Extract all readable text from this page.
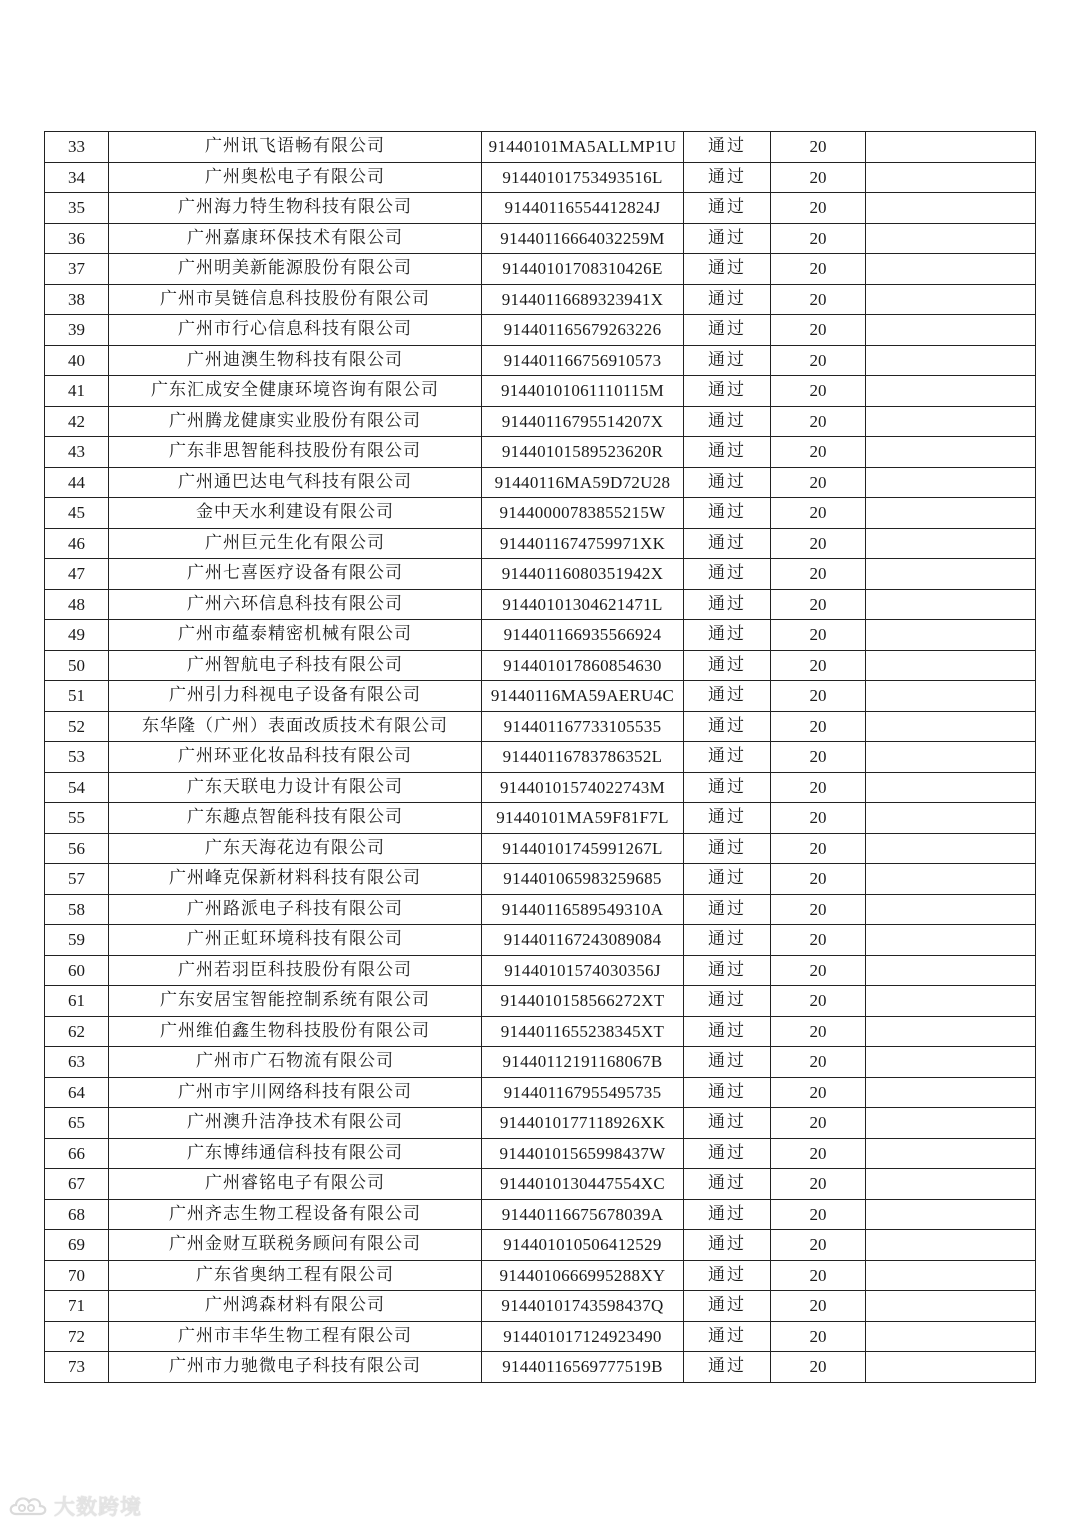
33	广州讯飞语畅有限公司	91440101MA5ALLMP1U	通过	20	
34	广州奥松电子有限公司	91440101753493516L	通过	20	
35	广州海力特生物科技有限公司	91440116554412824J	通过	20	
36	广州嘉康环保技术有限公司	91440116664032259M	通过	20	
37	广州明美新能源股份有限公司	91440101708310426E	通过	20	
38	广州市昊链信息科技股份有限公司	91440116689323941X	通过	20	
39	广州市行心信息科技有限公司	914401165679263226	通过	20	
40	广州迪澳生物科技有限公司	914401166756910573	通过	20	
41	广东汇成安全健康环境咨询有限公司	91440101061110115M	通过	20	
42	广州腾龙健康实业股份有限公司	91440116795514207X	通过	20	
43	广东非思智能科技股份有限公司	91440101589523620R	通过	20	
44	广州通巴达电气科技有限公司	91440116MA59D72U28	通过	20	
45	金中天水利建设有限公司	91440000783855215W	通过	20	
46	广州巨元生化有限公司	9144011674759971XK	通过	20	
47	广州七喜医疗设备有限公司	91440116080351942X	通过	20	
48	广州六环信息科技有限公司	91440101304621471L	通过	20	
49	广州市蕴泰精密机械有限公司	914401166935566924	通过	20	
50	广州智航电子科技有限公司	914401017860854630	通过	20	
51	广州引力科视电子设备有限公司	91440116MA59AERU4C	通过	20	
52	东华隆（广州）表面改质技术有限公司	914401167733105535	通过	20	
53	广州环亚化妆品科技有限公司	91440116783786352L	通过	20	
54	广东天联电力设计有限公司	91440101574022743M	通过	20	
55	广东趣点智能科技有限公司	91440101MA59F81F7L	通过	20	
56	广东天海花边有限公司	91440101745991267L	通过	20	
57	广州峰克保新材料科技有限公司	914401065983259685	通过	20	
58	广州路派电子科技有限公司	91440116589549310A	通过	20	
59	广州正虹环境科技有限公司	914401167243089084	通过	20	
60	广州若羽臣科技股份有限公司	91440101574030356J	通过	20	
61	广东安居宝智能控制系统有限公司	9144010158566272XT	通过	20	
62	广州维伯鑫生物科技股份有限公司	9144011655238345XT	通过	20	
63	广州市广石物流有限公司	91440112191168067B	通过	20	
64	广州市宇川网络科技有限公司	914401167955495735	通过	20	
65	广州澳升洁净技术有限公司	9144010177118926XK	通过	20	
66	广东博纬通信科技有限公司	91440101565998437W	通过	20	
67	广州睿铭电子有限公司	9144010130447554XC	通过	20	
68	广州齐志生物工程设备有限公司	91440116675678039A	通过	20	
69	广州金财互联税务顾问有限公司	914401010506412529	通过	20	
70	广东省奥纳工程有限公司	9144010666995288XY	通过	20	
71	广州鸿森材料有限公司	91440101743598437Q	通过	20	
72	广州市丰华生物工程有限公司	914401017124923490	通过	20	
73	广州市力驰微电子科技有限公司	91440116569777519B	通过	20	
大数跨境
